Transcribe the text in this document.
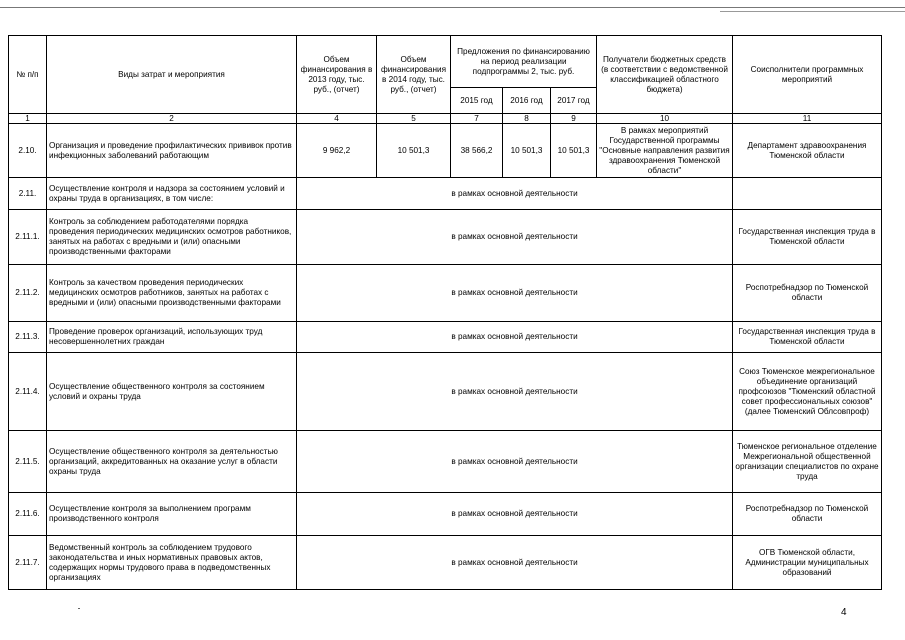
№ п/п	Виды затрат и мероприятия	Объем финансирования в 2013 году, тыс. руб., (отчет)	Объем финансирования в 2014 году, тыс. руб., (отчет)	Предложения по финансированию на период реализации подпрограммы 2, тыс. руб.			Получатели бюджетных средств (в соответствии с ведомственной классификацией областного бюджета)	Соисполнители программных мероприятий
				2015 год	2016 год	2017 год		
1	2	4	5	7	8	9	10	11
2.10.	Организация и проведение профилактических прививок против инфекционных заболеваний работающим	9 962,2	10 501,3	38 566,2	10 501,3	10 501,3	В рамках мероприятий Государственной программы "Основные направления развития здравоохранения Тюменской области"	Департамент здравоохранения Тюменской области
2.11.	Осуществление контроля и надзора за состоянием условий и охраны труда в организациях, в том числе:	в рамках основной деятельности						
2.11.1.	Контроль за соблюдением работодателями порядка проведения периодических медицинских осмотров работников, занятых на работах с вредными и (или) опасными производственными факторами	в рамках основной деятельности						Государственная инспекция труда в Тюменской области
2.11.2.	Контроль за качеством проведения периодических медицинских осмотров работников, занятых на работах с вредными и (или) опасными производственными факторами	в рамках основной деятельности						Роспотребнадзор по Тюменской области
2.11.3.	Проведение проверок организаций, использующих труд несовершеннолетних граждан	в рамках основной деятельности						Государственная инспекция труда в Тюменской области
2.11.4.	Осуществление общественного контроля за состоянием условий и охраны труда	в рамках основной деятельности						Союз Тюменское межрегиональное объединение организаций профсоюзов "Тюменский областной совет профессиональных союзов" (далее Тюменский Облсовпроф)
2.11.5.	Осуществление общественного контроля за деятельностью организаций, аккредитованных на оказание услуг в области охраны труда	в рамках основной деятельности						Тюменское региональное отделение Межрегиональной общественной организации специалистов по охране труда
2.11.6.	Осуществление контроля за выполнением программ производственного контроля	в рамках основной деятельности						Роспотребнадзор по Тюменской области
2.11.7.	Ведомственный контроль за соблюдением трудового законодательства и иных нормативных правовых актов, содержащих нормы трудового права в подведомственных организациях	в рамках основной деятельности						ОГВ Тюменской области, Администрации муниципальных образований
4
